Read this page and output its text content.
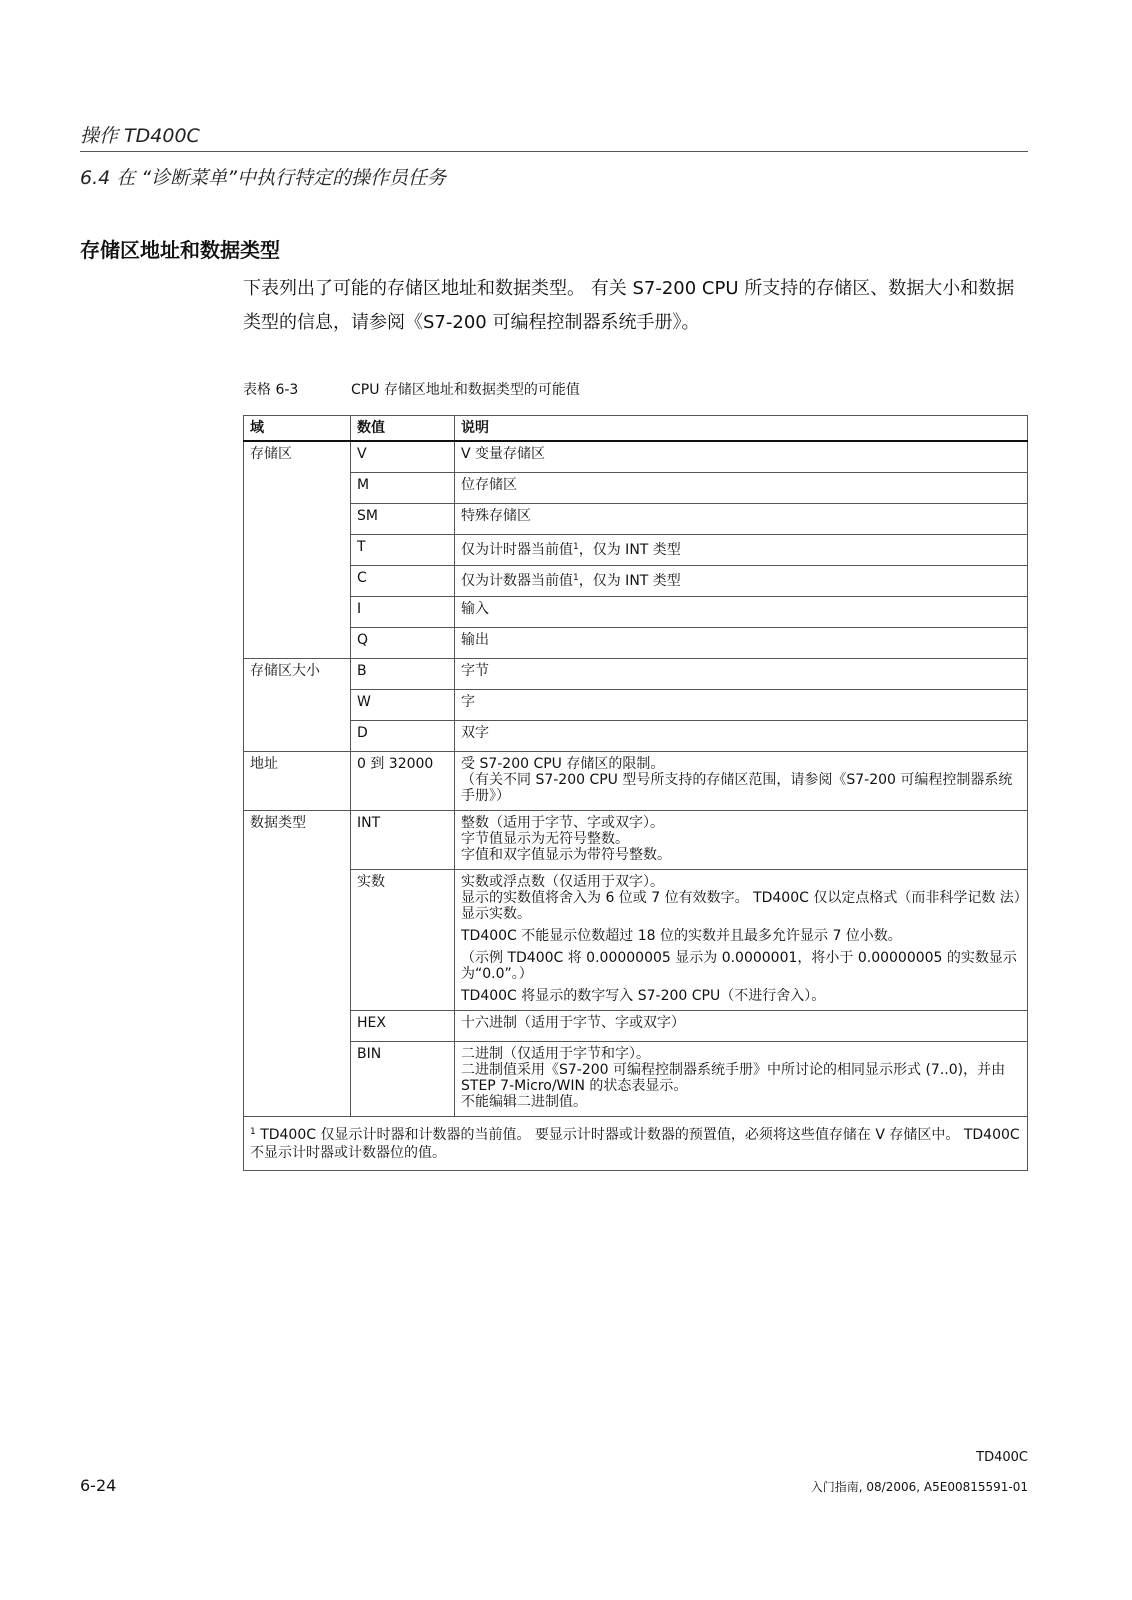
操作 TD400C
6.4 在 “诊断菜单”中执行特定的操作员任务
存储区地址和数据类型
下表列出了可能的存储区地址和数据类型。 有关 S7-200 CPU 所支持的存储区、数据大小和数据类型的信息，请参阅《S7-200 可编程控制器系统手册》。
表格 6-3	CPU 存储区地址和数据类型的可能值
域	数值	说明
存储区	V	V 变量存储区

	M	位存储区

	SM	特殊存储区

	T	仅为计时器当前值$^1$，仅为 INT 类型
	C	仅为计数器当前值$^1$，仅为 INT 类型
	I	输入

	Q	输出

存储区大小	B	字节

	W	字

	D	双字

地址	0 到 32000	受 S7-200 CPU 存储区的限制。
（有关不同 S7-200 CPU 型号所支持的存储区范围，请参阅《S7-200 可编程控制器系统手册》）

数据类型	INT	整数（适用于字节、字或双字）。
字节值显示为无符号整数。
字值和双字值显示为带符号整数。

	实数	实数或浮点数（仅适用于双字）。
显示的实数值将舍入为 6 位或 7 位有效数字。 TD400C 仅以定点格式（而非科学记数 法）显示实数。
TD400C 不能显示位数超过 18 位的实数并且最多允许显示 7 位小数。
（示例 TD400C 将 0.00000005 显示为 0.0000001，将小于 0.00000005 的实数显示为“0.0”。）
TD400C 将显示的数字写入 S7-200 CPU（不进行舍入）。

	HEX	十六进制（适用于字节、字或双字）

	BIN	二进制（仅适用于字节和字）。
二进制值采用《S7-200 可编程控制器系统手册》中所讨论的相同显示形式 (7..0)，并由 STEP 7-Micro/WIN 的状态表显示。
不能编辑二进制值。

$^1$ TD400C 仅显示计时器和计数器的当前值。 要显示计时器或计数器的预置值，必须将这些值存储在 V 存储区中。 TD400C 不显示计时器或计数器位的值。		
TD400C
6-24	入门指南, 08/2006, A5E00815591-01
